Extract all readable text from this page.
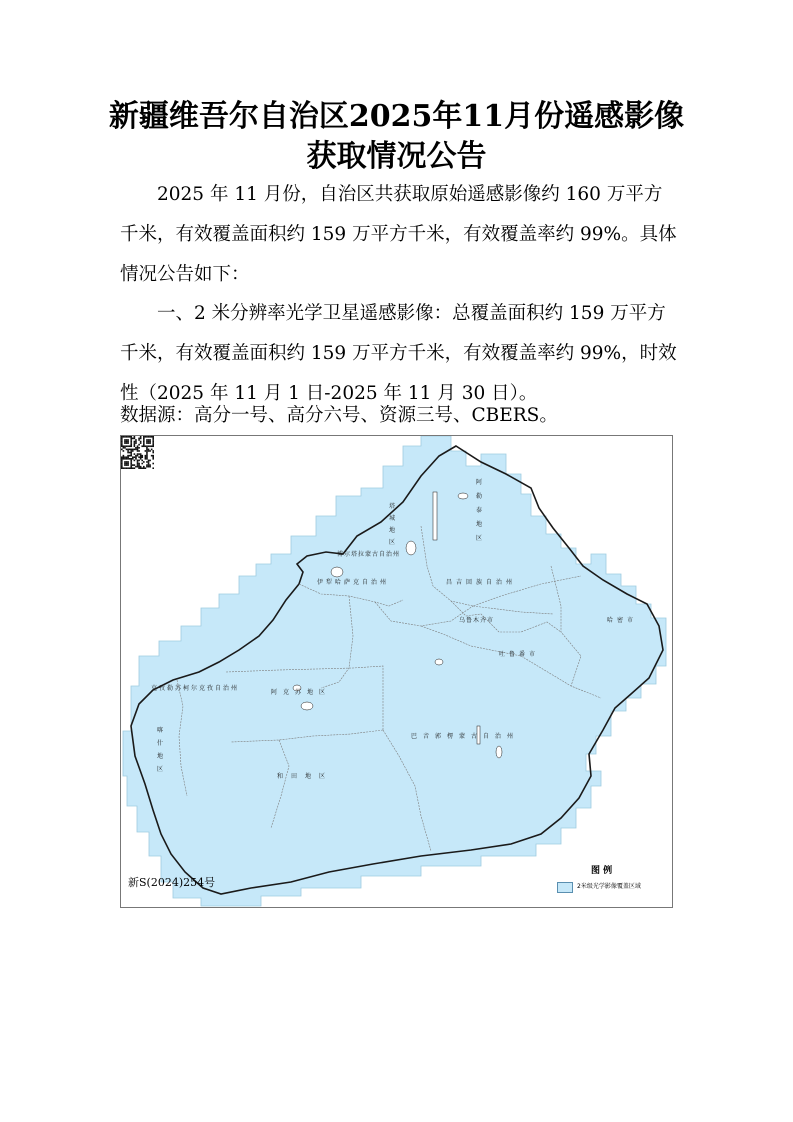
新疆维吾尔自治区2025年11月份遥感影像
获取情况公告
2025 年 11 月份，自治区共获取原始遥感影像约 160 万平方千米，有效覆盖面积约 159 万平方千米，有效覆盖率约 99%。具体情况公告如下：
一、2 米分辨率光学卫星遥感影像：总覆盖面积约 159 万平方千米，有效覆盖面积约 159 万平方千米，有效覆盖率约 99%，时效性（2025 年 11 月 1 日-2025 年 11 月 30 日）。
数据源：高分一号、高分六号、资源三号、CBERS。
阿勒泰地区
塔城地区
博尔塔拉蒙古自治州
伊 犁 哈 萨 克 自 治 州	昌 吉 回 族 自 治 州
乌鲁木齐市
吐 鲁 番 市
哈 密 市
阿 克 苏 地 区
克 孜 勒 苏 柯 尔 克 孜 自 治 州
喀什地区
和 田 地 区
巴 音 郭 楞 蒙 古 自 治 州
新S(2024)254号
图 例
2米级光学影像覆盖区域
